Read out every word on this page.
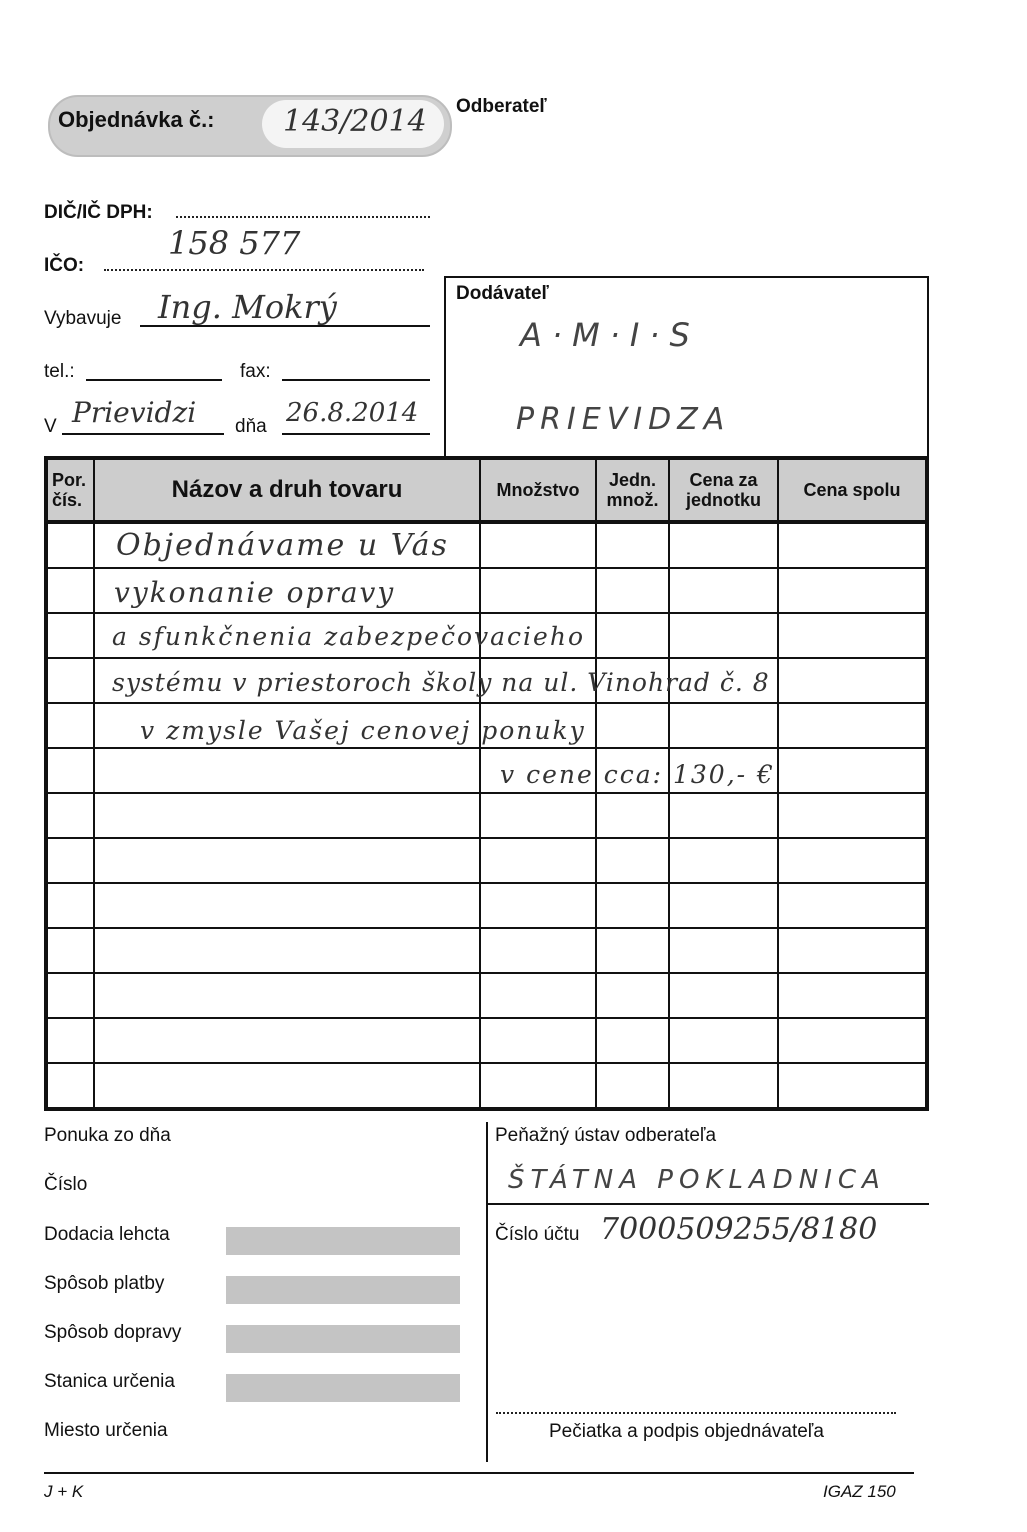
Objednávka č.: 143/2014 Odberateľ
DIČ/IČ DPH:
IČO:
158 577
Vybavuje Ing. Mokrý
tel.:	fax:
V Prievidzi dňa 26.8.2014
Dodávateľ
A·M·I·S
PRIEVIDZA
Por. čís.	Názov a druh tovaru	Množstvo	Jedn. množ.	Cena za jednotku	Cena spolu

Objednávame u Vás
vykonanie opravy
a sfunkčnenia zabezpečovacieho
systému v priestoroch školy na ul. Vinohrad č. 8
v zmysle Vašej cenovej ponuky
v cene cca: 130,- €
Ponuka zo dňa
Číslo
Dodacia lehcta
Spôsob platby
Spôsob dopravy
Stanica určenia
Miesto určenia
Peňažný ústav odberateľa
ŠTÁTNA POKLADNICA
Číslo účtu 7000509255/8180
Pečiatka a podpis objednávateľa
J + K	IGAZ 150
